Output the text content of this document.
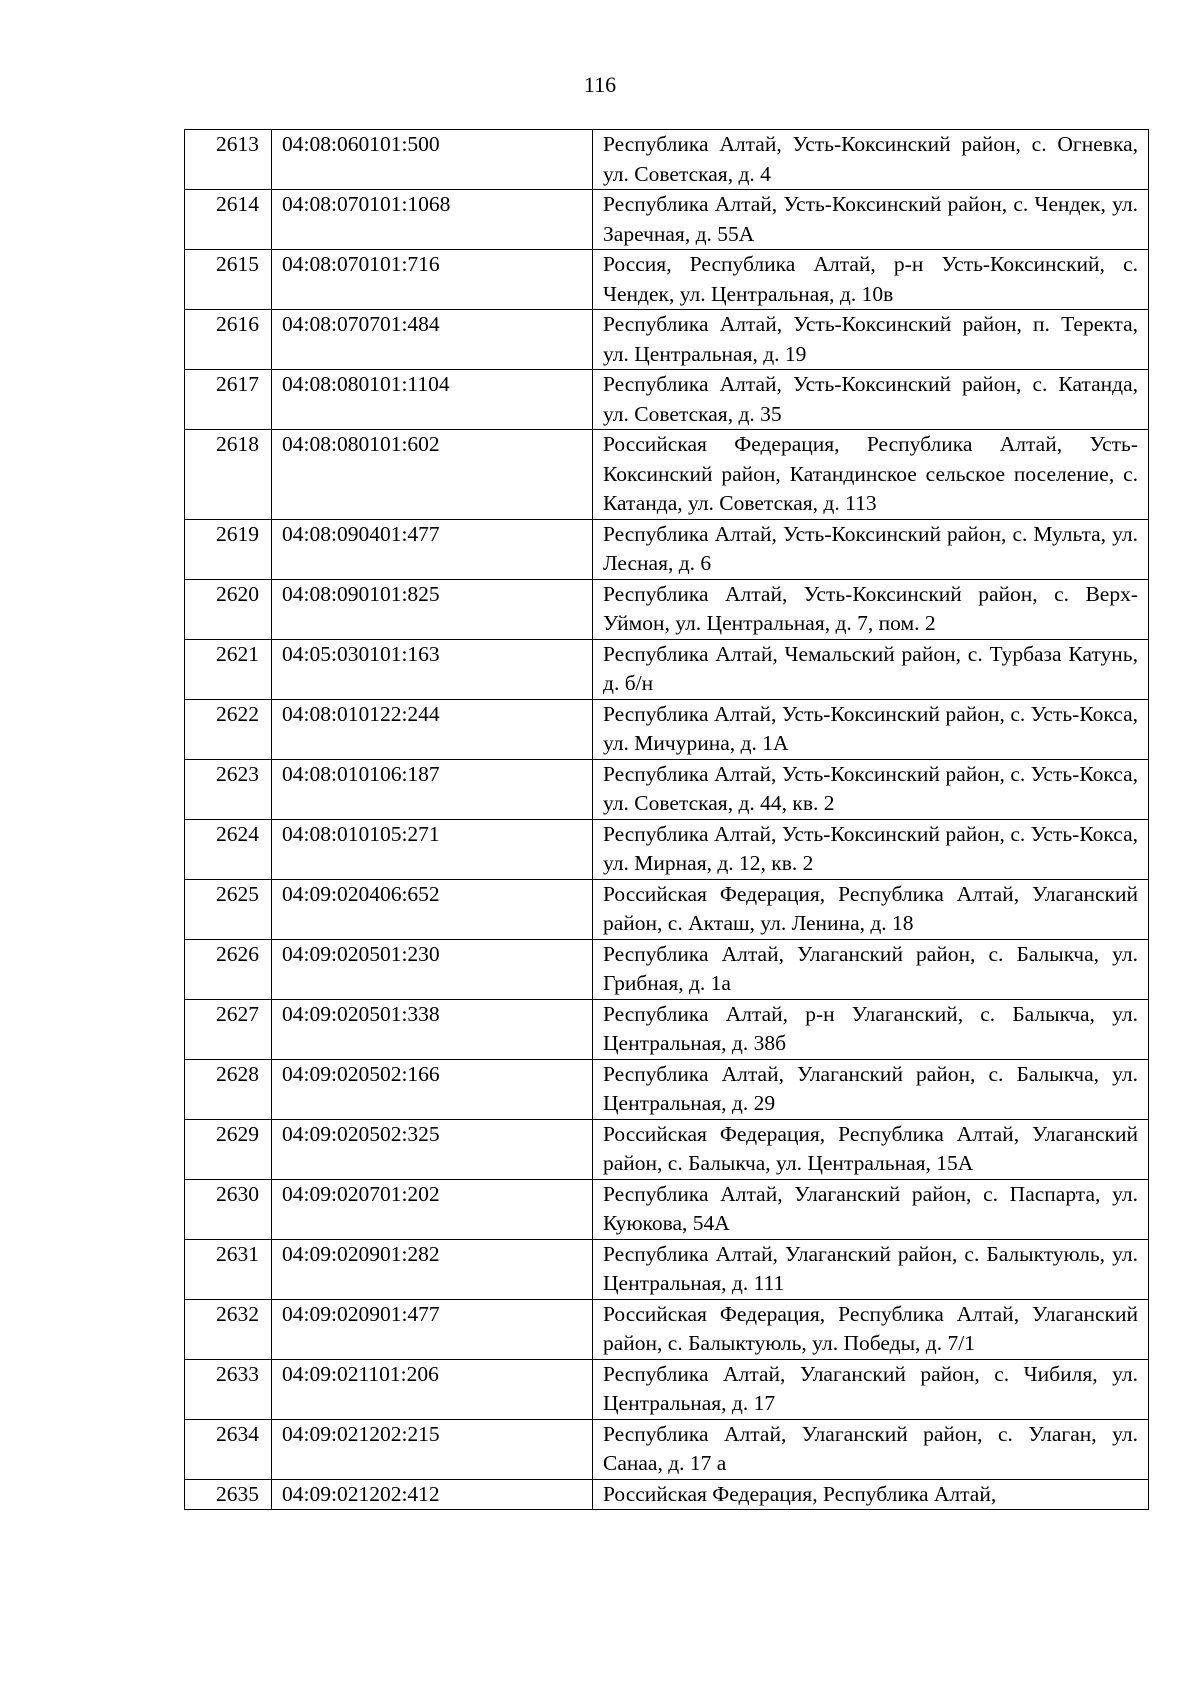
116
2613	04:08:060101:500	Республика Алтай, Усть-Коксинский район, с. Огневка, ул. Советская, д. 4
2614	04:08:070101:1068	Республика Алтай, Усть-Коксинский район, с. Чендек, ул. Заречная, д. 55А
2615	04:08:070101:716	Россия, Республика Алтай, р-н Усть-Коксинский, с. Чендек, ул. Центральная, д. 10в
2616	04:08:070701:484	Республика Алтай, Усть-Коксинский район, п. Теректа, ул. Центральная, д. 19
2617	04:08:080101:1104	Республика Алтай, Усть-Коксинский район, с. Катанда, ул. Советская, д. 35
2618	04:08:080101:602	Российская Федерация, Республика Алтай, Усть-Коксинский район, Катандинское сельское поселение, с. Катанда, ул. Советская, д. 113
2619	04:08:090401:477	Республика Алтай, Усть-Коксинский район, с. Мульта, ул. Лесная, д. 6
2620	04:08:090101:825	Республика Алтай, Усть-Коксинский район, с. Верх-Уймон, ул. Центральная, д. 7, пом. 2
2621	04:05:030101:163	Республика Алтай, Чемальский район, с. Турбаза Катунь, д. б/н
2622	04:08:010122:244	Республика Алтай, Усть-Коксинский район, с. Усть-Кокса, ул. Мичурина, д. 1А
2623	04:08:010106:187	Республика Алтай, Усть-Коксинский район, с. Усть-Кокса, ул. Советская, д. 44, кв. 2
2624	04:08:010105:271	Республика Алтай, Усть-Коксинский район, с. Усть-Кокса, ул. Мирная, д. 12, кв. 2
2625	04:09:020406:652	Российская Федерация, Республика Алтай, Улаганский район, с. Акташ, ул. Ленина, д. 18
2626	04:09:020501:230	Республика Алтай, Улаганский район, с. Балыкча, ул. Грибная, д. 1а
2627	04:09:020501:338	Республика Алтай, р-н Улаганский, с. Балыкча, ул. Центральная, д. 38б
2628	04:09:020502:166	Республика Алтай, Улаганский район, с. Балыкча, ул. Центральная, д. 29
2629	04:09:020502:325	Российская Федерация, Республика Алтай, Улаганский район, с. Балыкча, ул. Центральная, 15А
2630	04:09:020701:202	Республика Алтай, Улаганский район, с. Паспарта, ул. Куюкова, 54А
2631	04:09:020901:282	Республика Алтай, Улаганский район, с. Балыктуюль, ул. Центральная, д. 111
2632	04:09:020901:477	Российская Федерация, Республика Алтай, Улаганский район, с. Балыктуюль, ул. Победы, д. 7/1
2633	04:09:021101:206	Республика Алтай, Улаганский район, с. Чибиля, ул. Центральная, д. 17
2634	04:09:021202:215	Республика Алтай, Улаганский район, с. Улаган, ул. Санаа, д. 17 а
2635	04:09:021202:412	Российская Федерация, Республика Алтай,
